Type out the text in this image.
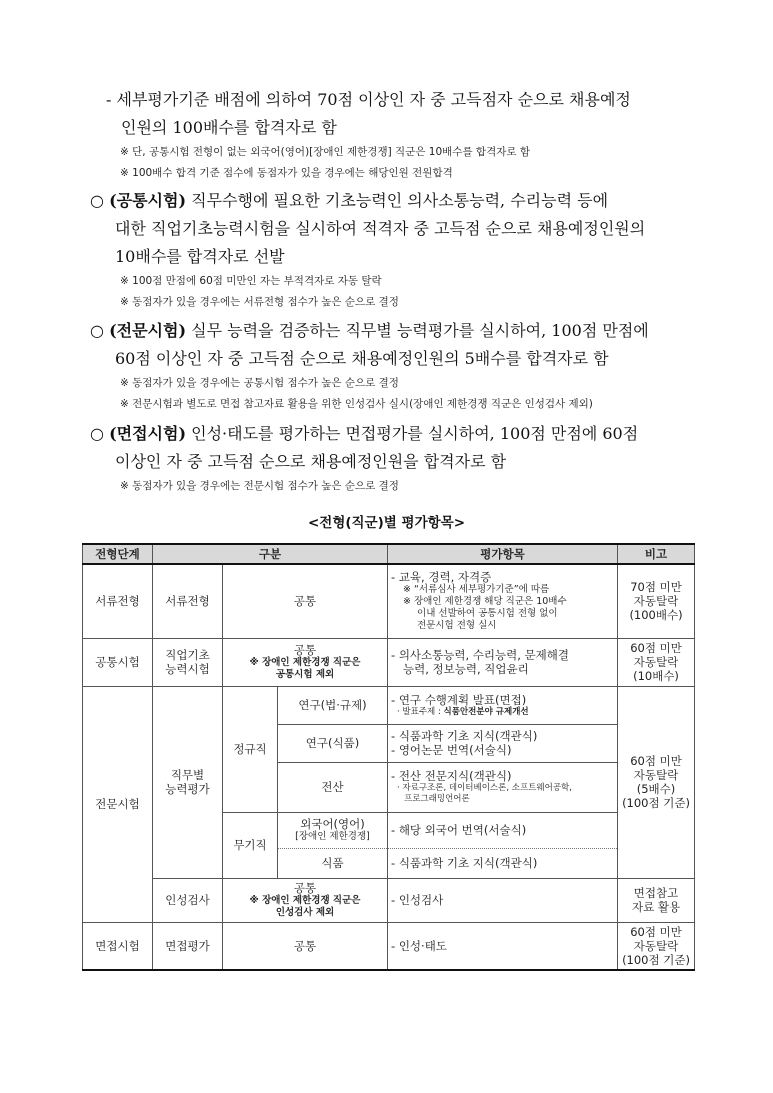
- 세부평가기준 배점에 의하여 70점 이상인 자 중 고득점자 순으로 채용예정
인원의 100배수를 합격자로 함
※ 단, 공통시험 전형이 없는 외국어(영어)[장애인 제한경쟁] 직군은 10배수를 합격자로 함
※ 100배수 합격 기준 점수에 동점자가 있을 경우에는 해당인원 전원합격
○ (공통시험) 직무수행에 필요한 기초능력인 의사소통능력, 수리능력 등에
대한 직업기초능력시험을 실시하여 적격자 중 고득점 순으로 채용예정인원의
10배수를 합격자로 선발
※ 100점 만점에 60점 미만인 자는 부적격자로 자동 탈락
※ 동점자가 있을 경우에는 서류전형 점수가 높은 순으로 결정
○ (전문시험) 실무 능력을 검증하는 직무별 능력평가를 실시하여, 100점 만점에
60점 이상인 자 중 고득점 순으로 채용예정인원의 5배수를 합격자로 함
※ 동점자가 있을 경우에는 공통시험 점수가 높은 순으로 결정
※ 전문시험과 별도로 면접 참고자료 활용을 위한 인성검사 실시(장애인 제한경쟁 직군은 인성검사 제외)
○ (면접시험) 인성·태도를 평가하는 면접평가를 실시하여, 100점 만점에 60점
이상인 자 중 고득점 순으로 채용예정인원을 합격자로 함
※ 동점자가 있을 경우에는 전문시험 점수가 높은 순으로 결정
<전형(직군)별 평가항목>
전형단계	구분			평가항목	비고
서류전형	서류전형	공통		- 교육, 경력, 자격증
※ “서류심사 세부평가기준”에 따름
※ 장애인 제한경쟁 해당 직군은 10배수
이내 선발하여 공통시험 전형 없이
전문시험 전형 실시	70점 미만
자동탈락
(100배수)

공통시험	직업기초
능력시험	공통
※ 장애인 제한경쟁 직군은
공통시험 제외		- 의사소통능력, 수리능력, 문제해결
능력, 정보능력, 직업윤리	60점 미만
자동탈락
(10배수)

전문시험	직무별
능력평가	정규직	연구(법·규제)	- 연구 수행계획 발표(면접)
· 발표주제 : 식품안전분야 규제개선	60점 미만
자동탈락
(5배수)
(100점 기준)

			연구(식품)	- 식품과학 기초 지식(객관식)
- 영어논문 번역(서술식)	

			전산	- 전산 전문지식(객관식)
· 자료구조론, 데이터베이스론, 소프트웨어공학,
프로그래밍언어론	

		무기직	외국어(영어)
[장애인 제한경쟁]	- 해당 외국어 번역(서술식)	
			식품	- 식품과학 기초 지식(객관식)	
	인성검사	공통
※ 장애인 제한경쟁 직군은
인성검사 제외		- 인성검사	면접참고
자료 활용

면접시험	면접평가	공통		- 인성·태도	60점 미만
자동탈락
(100점 기준)
